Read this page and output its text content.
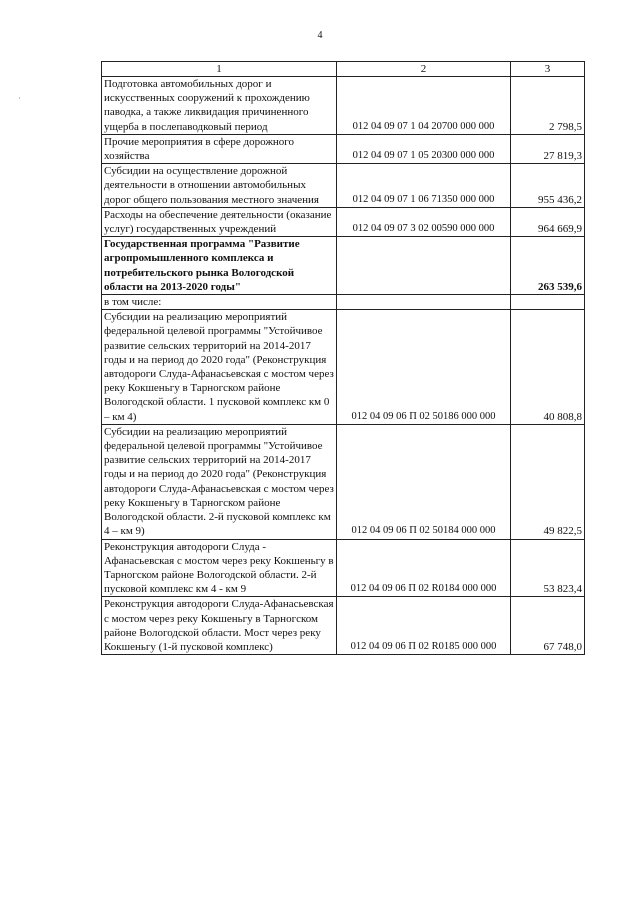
4
·
1	2	3
Подготовка автомобильных дорог и искусственных сооружений к прохождению паводка, а также ликвидация причиненного ущерба в послепаводковый период	012 04 09 07 1 04 20700 000 000	2 798,5
Прочие мероприятия в сфере дорожного хозяйства	012 04 09 07 1 05 20300 000 000	27 819,3
Субсидии на осуществление дорожной деятельности в отношении автомобильных дорог общего пользования местного значения	012 04 09 07 1 06 71350 000 000	955 436,2
Расходы на обеспечение деятельности (оказание услуг) государственных учреждений	012 04 09 07 3 02 00590 000 000	964 669,9
Государственная программа "Развитие агропромышленного комплекса и потребительского рынка Вологодской области на 2013-2020 годы"		263 539,6
в том числе:		
Субсидии на реализацию мероприятий федеральной целевой программы "Устойчивое развитие сельских территорий на 2014-2017 годы и на период до 2020 года" (Реконструкция автодороги Слуда-Афанасьевская с мостом через реку Кокшеньгу в Тарногском районе Вологодской области. 1 пусковой комплекс км 0 – км 4)	012 04 09 06 П 02 50186 000 000	40 808,8
Субсидии на реализацию мероприятий федеральной целевой программы "Устойчивое развитие сельских территорий на 2014-2017 годы и на период до 2020 года" (Реконструкция автодороги Слуда-Афанасьевская с мостом через реку Кокшеньгу в Тарногском районе Вологодской области. 2-й пусковой комплекс км 4 – км 9)	012 04 09 06 П 02 50184 000 000	49 822,5
Реконструкция автодороги Слуда - Афанасьевская с мостом через реку Кокшеньгу в Тарногском районе Вологодской области. 2-й пусковой комплекс км 4 - км 9	012 04 09 06 П 02 R0184 000 000	53 823,4
Реконструкция автодороги Слуда-Афанасьевская с мостом через реку Кокшеньгу в Тарногском районе Вологодской области. Мост через реку Кокшеньгу (1-й пусковой комплекс)	012 04 09 06 П 02 R0185 000 000	67 748,0
